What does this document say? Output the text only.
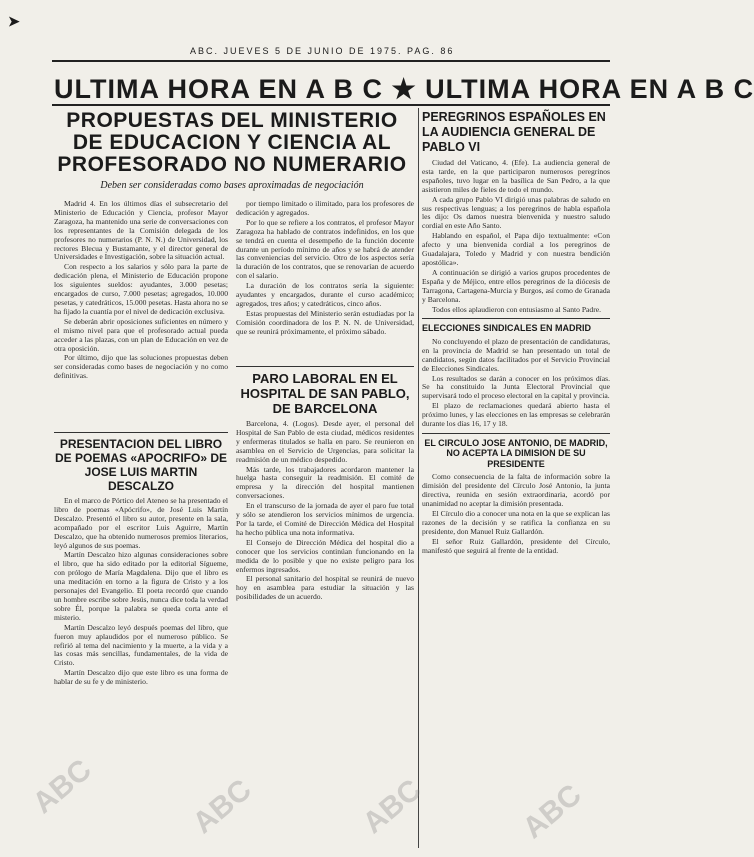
➤
ABC. JUEVES 5 DE JUNIO DE 1975. PAG. 86
ULTIMA HORA EN A B C ★ ULTIMA HORA EN A B C
PROPUESTAS DEL MINISTERIO DE EDUCACION Y CIENCIA AL PROFESORADO NO NUMERARIO
Deben ser consideradas como bases aproximadas de negociación

Madrid 4. En los últimos días el subsecretario del Ministerio de Educación y Ciencia, profesor Mayor Zaragoza, ha mantenido una serie de conversaciones con los representantes de la Comisión delegada de los profesores no numerarios (P. N. N.) de Universidad, los rectores Blecua y Bustamante, y el director general de Universidades e Investigación, sobre la situación actual.

Con respecto a los salarios y sólo para la parte de dedicación plena, el Ministerio de Educación propone los siguientes sueldos: ayudantes, 3.000 pesetas; encargados de curso, 7.000 pesetas; agregados, 10.000 pesetas, y catedráticos, 15.000 pesetas. Hasta ahora no se ha fijado la cuantía por el nivel de dedicación exclusiva.

Se deberán abrir oposiciones suficientes en número y el mismo nivel para que el profesorado actual pueda acceder a las plazas, con un plan de Educación en vez de otra oposición.

Por último, dijo que las soluciones propuestas deben ser consideradas como bases de negociación y no como definitivas.

por tiempo limitado o ilimitado, para los profesores de dedicación y agregados.

Por lo que se refiere a los contratos, el profesor Mayor Zaragoza ha hablado de contratos indefinidos, en los que se tendrá en cuenta el desempeño de la función docente durante un período mínimo de años y se habrá de atender las conveniencias del servicio. Otro de los aspectos sería la duración de los contratos, que se renovarían de acuerdo con el salario.

La duración de los contratos sería la siguiente: ayudantes y encargados, durante el curso académico; agregados, tres años; y catedráticos, cinco años.

Estas propuestas del Ministerio serán estudiadas por la Comisión coordinadora de los P. N. N. de Universidad, que se reunirá próximamente, el próximo sábado.

PRESENTACION DEL LIBRO DE POEMAS «APOCRIFO» DE JOSE LUIS MARTIN DESCALZO

En el marco de Pórtico del Ateneo se ha presentado el libro de poemas «Apócrifo», de José Luis Martín Descalzo. Presentó el libro su autor, presente en la sala, acompañado por el escritor Luis Aguirre, Martín Descalzo, que ha obtenido numerosos premios literarios, leyó algunos de sus poemas.

Martín Descalzo hizo algunas consideraciones sobre el libro, que ha sido editado por la editorial Sígueme, con prólogo de María Magdalena. Dijo que el libro es una meditación en torno a la figura de Cristo y a los personajes del Evangelio. El poeta recordó que cuando un hombre escribe sobre Jesús, nunca dice toda la verdad sobre Él, porque la palabra se queda corta ante el misterio.

Martín Descalzo leyó después poemas del libro, que fueron muy aplaudidos por el numeroso público. Se refirió al tema del nacimiento y la muerte, a la vida y a las cosas más sencillas, fundamentales, de la vida de Cristo.

Martín Descalzo dijo que este libro es una forma de hablar de su fe y de ministerio.

PARO LABORAL EN EL HOSPITAL DE SAN PABLO, DE BARCELONA

Barcelona, 4. (Logos). Desde ayer, el personal del Hospital de San Pablo de esta ciudad, médicos residentes y enfermeras titulados se halla en paro. Se reunieron en asamblea en el Servicio de Urgencias, para solicitar la readmisión de un médico despedido.

Más tarde, los trabajadores acordaron mantener la huelga hasta conseguir la readmisión. El comité de empresa y la dirección del hospital mantienen conversaciones.

En el transcurso de la jornada de ayer el paro fue total y sólo se atendieron los servicios mínimos de urgencia. Por la tarde, el Comité de Dirección Médica del Hospital ha hecho pública una nota informativa.

El Consejo de Dirección Médica del hospital dio a conocer que los servicios continúan funcionando en la medida de lo posible y que no existe peligro para los enfermos ingresados.

El personal sanitario del hospital se reunirá de nuevo hoy en asamblea para estudiar la situación y las posibilidades de un acuerdo.

PEREGRINOS ESPAÑOLES EN LA AUDIENCIA GENERAL DE PABLO VI

Ciudad del Vaticano, 4. (Efe). La audiencia general de esta tarde, en la que participaron numerosos peregrinos españoles, tuvo lugar en la basílica de San Pedro, a la que asistieron miles de fieles de todo el mundo.

A cada grupo Pablo VI dirigió unas palabras de saludo en sus respectivas lenguas; a los peregrinos de habla española les dijo: Os damos nuestra bienvenida y nuestro saludo cordial en este Año Santo.

Hablando en español, el Papa dijo textualmente: «Con afecto y una bienvenida cordial a los peregrinos de Guadalajara, Toledo y Madrid y con nuestra bendición apostólica».

A continuación se dirigió a varios grupos procedentes de España y de Méjico, entre ellos peregrinos de la diócesis de Tarragona, Cartagena-Murcia y Burgos, así como de Granada y Barcelona.

Todos ellos aplaudieron con entusiasmo al Santo Padre.

ELECCIONES SINDICALES EN MADRID

No concluyendo el plazo de presentación de candidaturas, en la provincia de Madrid se han presentado un total de candidatos, según datos facilitados por el Servicio Provincial de Elecciones Sindicales.

Los resultados se darán a conocer en los próximos días. Se ha constituido la Junta Electoral Provincial que supervisará todo el proceso electoral en la capital y provincia.

El plazo de reclamaciones quedará abierto hasta el próximo lunes, y las elecciones en las empresas se celebrarán durante los días 16, 17 y 18.

EL CIRCULO JOSE ANTONIO, DE MADRID, NO ACEPTA LA DIMISION DE SU PRESIDENTE

Como consecuencia de la falta de información sobre la dimisión del presidente del Círculo José Antonio, la junta directiva, reunida en sesión extraordinaria, acordó por unanimidad no aceptar la dimisión presentada.

El Círculo dio a conocer una nota en la que se explican las razones de la decisión y se ratifica la confianza en su presidente, don Manuel Ruiz Gallardón.

El señor Ruiz Gallardón, presidente del Círculo, manifestó que seguirá al frente de la entidad.

ABC	ABC	ABC	ABC
